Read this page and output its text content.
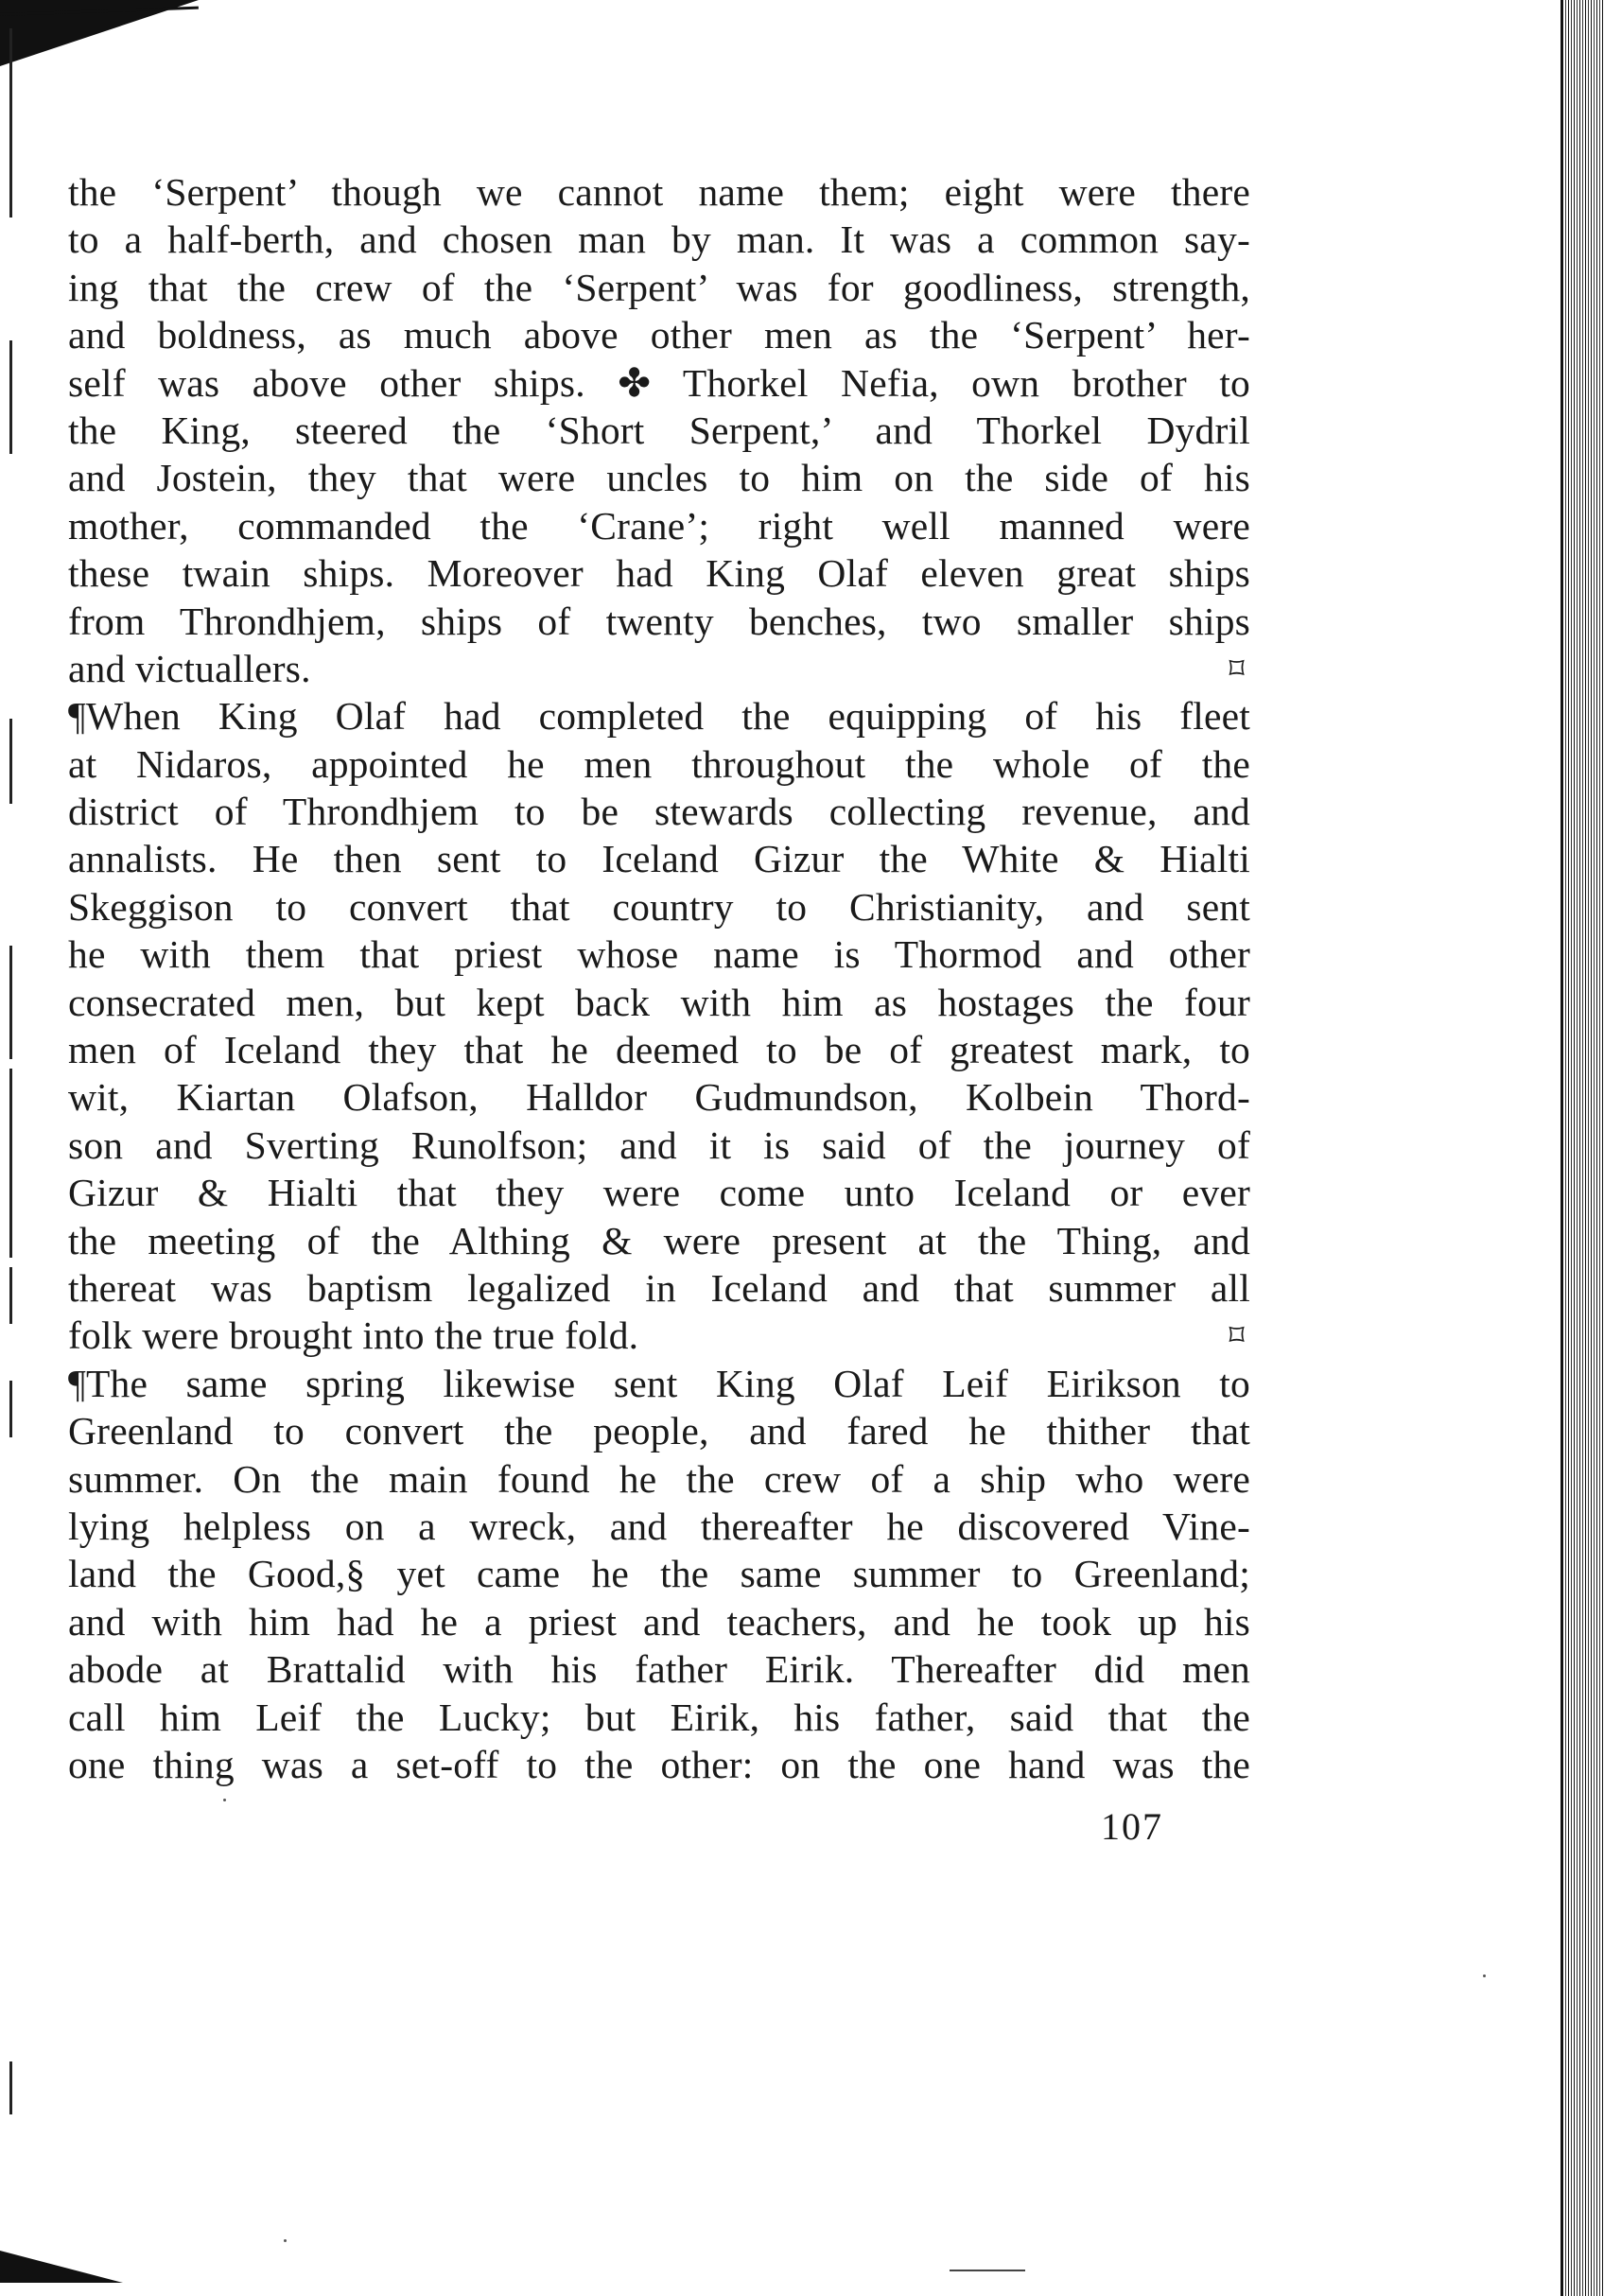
the ‘Serpent’ though we cannot name them; eight were there
to a half-berth, and chosen man by man. It was a common say-
ing that the crew of the ‘Serpent’ was for goodliness, strength,
and boldness, as much above other men as the ‘Serpent’ her-
self was above other ships. ✤ Thorkel Nefia, own brother to
the King, steered the ‘Short Serpent,’ and Thorkel Dydril
and Jostein, they that were uncles to him on the side of his
mother, commanded the ‘Crane’; right well manned were
these twain ships. Moreover had King Olaf eleven great ships
from Throndhjem, ships of twenty benches, two smaller ships
and victuallers.	⌑
¶When King Olaf had completed the equipping of his fleet
at Nidaros, appointed he men throughout the whole of the
district of Throndhjem to be stewards collecting revenue, and
annalists. He then sent to Iceland Gizur the White & Hialti
Skeggison to convert that country to Christianity, and sent
he with them that priest whose name is Thormod and other
consecrated men, but kept back with him as hostages the four
men of Iceland they that he deemed to be of greatest mark, to
wit, Kiartan Olafson, Halldor Gudmundson, Kolbein Thord-
son and Sverting Runolfson; and it is said of the journey of
Gizur & Hialti that they were come unto Iceland or ever
the meeting of the Althing & were present at the Thing, and
thereat was baptism legalized in Iceland and that summer all
folk were brought into the true fold.	⌑
¶The same spring likewise sent King Olaf Leif Eirikson to
Greenland to convert the people, and fared he thither that
summer. On the main found he the crew of a ship who were
lying helpless on a wreck, and thereafter he discovered Vine-
land the Good,§ yet came he the same summer to Greenland;
and with him had he a priest and teachers, and he took up his
abode at Brattalid with his father Eirik. Thereafter did men
call him Leif the Lucky; but Eirik, his father, said that the
one thing was a set-off to the other: on the one hand was the
107
